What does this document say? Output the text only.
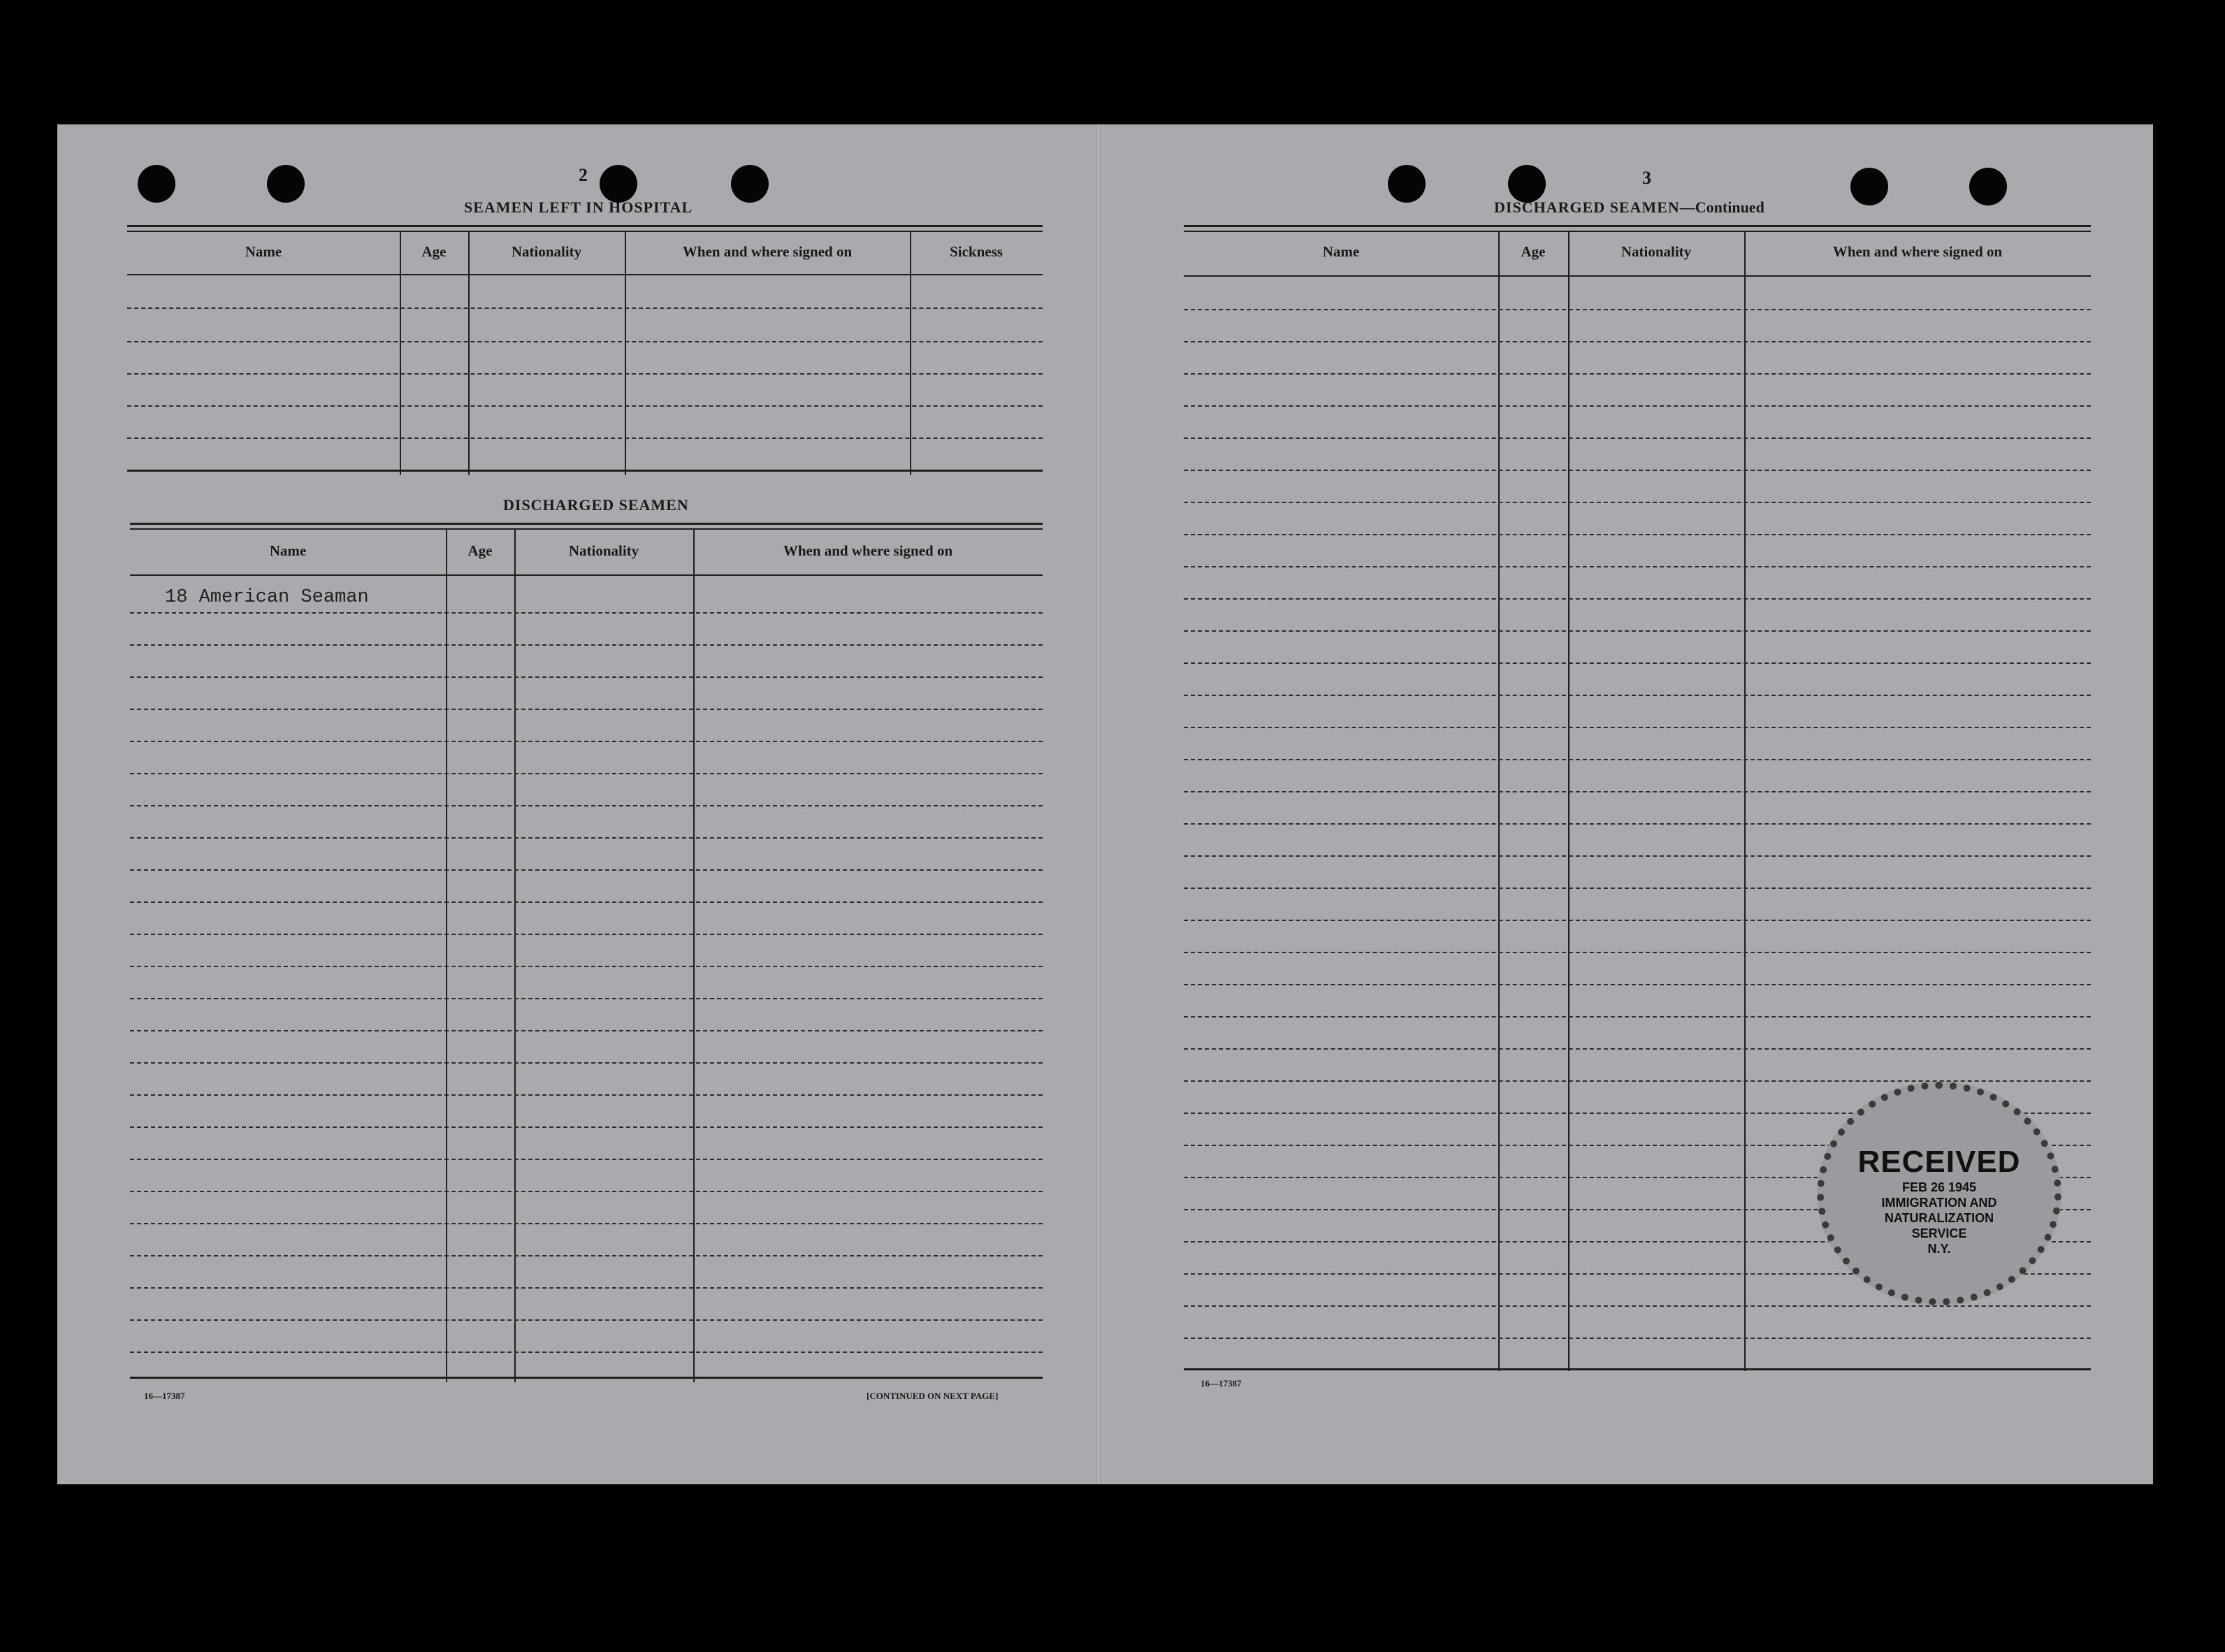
2
SEAMEN LEFT IN HOSPITAL
Name	Age	Nationality	When and where signed on	Sickness
DISCHARGED SEAMEN
Name	Age	Nationality	When and where signed on
18 American Seaman
16—17387	[CONTINUED ON NEXT PAGE]
3
DISCHARGED SEAMEN—Continued
Name	Age	Nationality	When and where signed on
16—17387
RECEIVED
FEB 26 1945
IMMIGRATION AND
NATURALIZATION
SERVICE
N.Y.
